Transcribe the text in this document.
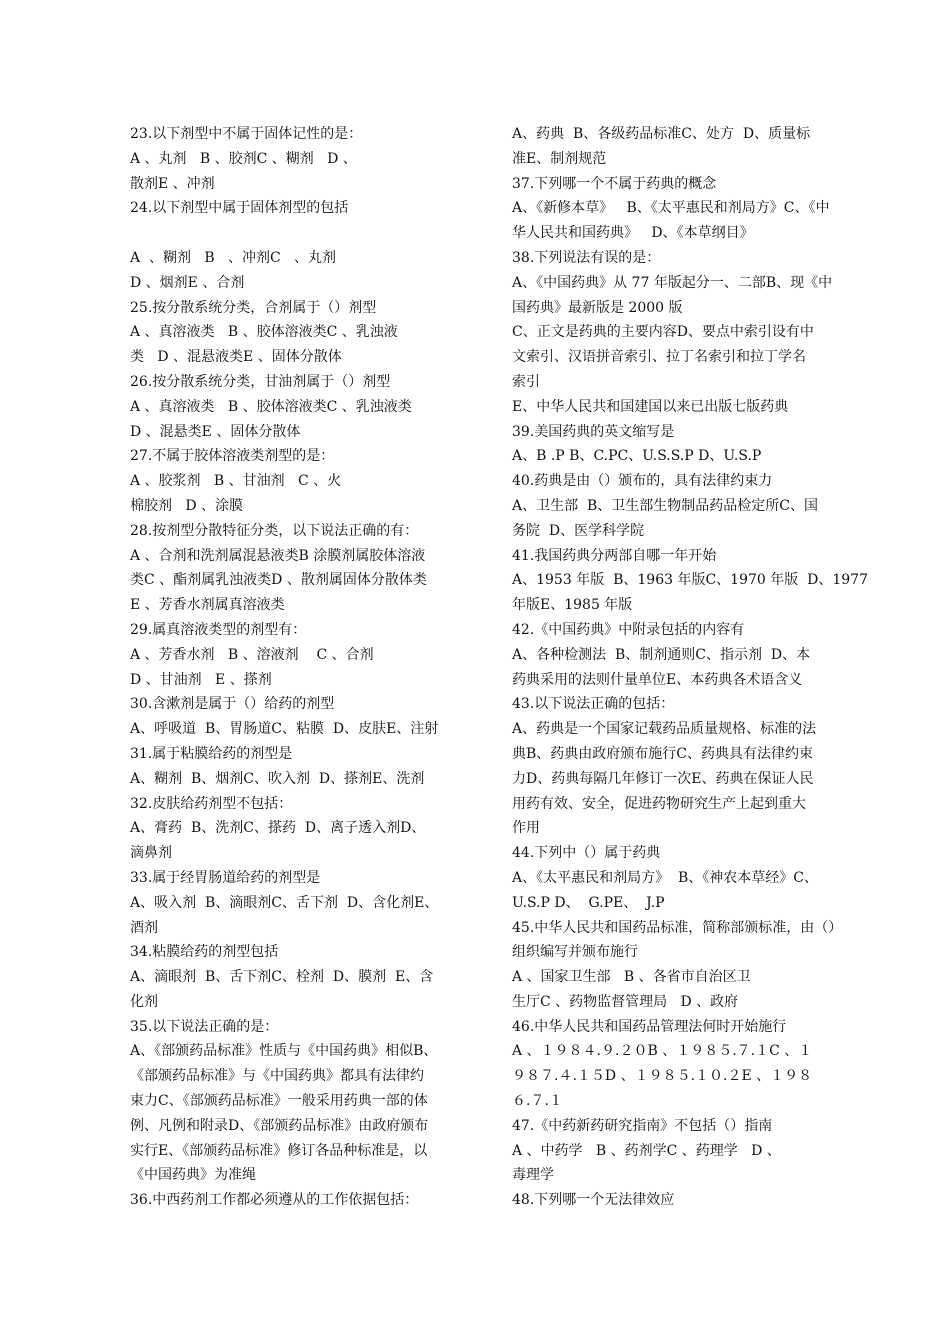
23.以下剂型中不属于固体记性的是：
A 、丸剂   B 、胶剂C 、糊剂   D 、
散剂E 、冲剂
24.以下剂型中属于固体剂型的包括
A  、糊剂   B   、冲剂C   、丸剂
D 、烟剂E 、合剂
25.按分散系统分类，合剂属于（）剂型
A 、真溶液类   B 、胶体溶液类C 、乳浊液
类   D 、混悬液类E 、固体分散体
26.按分散系统分类，甘油剂属于（）剂型
A 、真溶液类   B 、胶体溶液类C 、乳浊液类
D 、混悬类E 、固体分散体
27.不属于胶体溶液类剂型的是：
A 、胶浆剂   B 、甘油剂   C 、火
棉胶剂   D 、涂膜
28.按剂型分散特征分类，以下说法正确的有：
A 、合剂和洗剂属混悬液类B 涂膜剂属胶体溶液
类C 、酯剂属乳浊液类D 、散剂属固体分散体类
E 、芳香水剂属真溶液类
29.属真溶液类型的剂型有：
A 、芳香水剂   B 、溶液剂    C 、合剂
D 、甘油剂   E 、搽剂
30.含漱剂是属于（）给药的剂型
A、呼吸道  B、胃肠道C、粘膜  D、皮肤E、注射
31.属于粘膜给药的剂型是
A、糊剂  B、烟剂C、吹入剂  D、搽剂E、洗剂
32.皮肤给药剂型不包括：
A、膏药  B、洗剂C、搽药  D、离子透入剂D、
滴鼻剂
33.属于经胃肠道给药的剂型是
A、吸入剂  B、滴眼剂C、舌下剂  D、含化剂E、
酒剂
34.粘膜给药的剂型包括
A、滴眼剂  B、舌下剂C、栓剂  D、膜剂  E、含
化剂
35.以下说法正确的是：
A、《部颁药品标准》性质与《中国药典》相似B、
《部颁药品标准》与《中国药典》都具有法律约
束力C、《部颁药品标准》一般采用药典一部的体
例、凡例和附录D、《部颁药品标准》由政府颁布
实行E、《部颁药品标准》修订各品种标准是，以
《中国药典》为准绳
36.中西药剂工作都必须遵从的工作依据包括：
A、药典  B、各级药品标准C、处方  D、质量标
准E、制剂规范
37.下列哪一个不属于药典的概念
A、《新修本草》   B、《太平惠民和剂局方》C、《中
华人民共和国药典》   D、《本草纲目》
38.下列说法有误的是：
A、《中国药典》从 77 年版起分一、二部B、现《中
国药典》最新版是 2000 版
C、正文是药典的主要内容D、要点中索引设有中
文索引、汉语拼音索引、拉丁名索引和拉丁学名
索引
E、中华人民共和国建国以来已出版七版药典
39.美国药典的英文缩写是
A、B .P B、C.PC、U.S.S.P D、U.S.P
40.药典是由（）颁布的，具有法律约束力
A、卫生部  B、卫生部生物制品药品检定所C、国
务院  D、医学科学院
41.我国药典分两部自哪一年开始
A、1953 年版  B、1963 年版C、1970 年版  D、1977
年版E、1985 年版
42.《中国药典》中附录包括的内容有
A、各种检测法  B、制剂通则C、指示剂  D、本
药典采用的法则什量单位E、本药典各术语含义
43.以下说法正确的包括：
A、药典是一个国家记载药品质量规格、标准的法
典B、药典由政府颁布施行C、药典具有法律约束
力D、药典每隔几年修订一次E、药典在保证人民
用药有效、安全，促进药物研究生产上起到重大
作用
44.下列中（）属于药典
A、《太平惠民和剂局方》  B、《神农本草经》C、
U.S.P D、  G.PE、  J.P
45.中华人民共和国药品标准，简称部颁标准，由（）
组织编写并颁布施行
A 、国家卫生部   B 、各省市自治区卫
生厅C 、药物监督管理局   D 、政府
46.中华人民共和国药品管理法何时开始施行
A 、１９８４.９.２０B 、１９８５.７.１C 、１
９８７.４.１５D 、１９８５.１０.２E 、１９８
６.７.１
47.《中药新药研究指南》不包括（）指南
A 、中药学   B 、药剂学C 、药理学   D 、
毒理学
48.下列哪一个无法律效应
